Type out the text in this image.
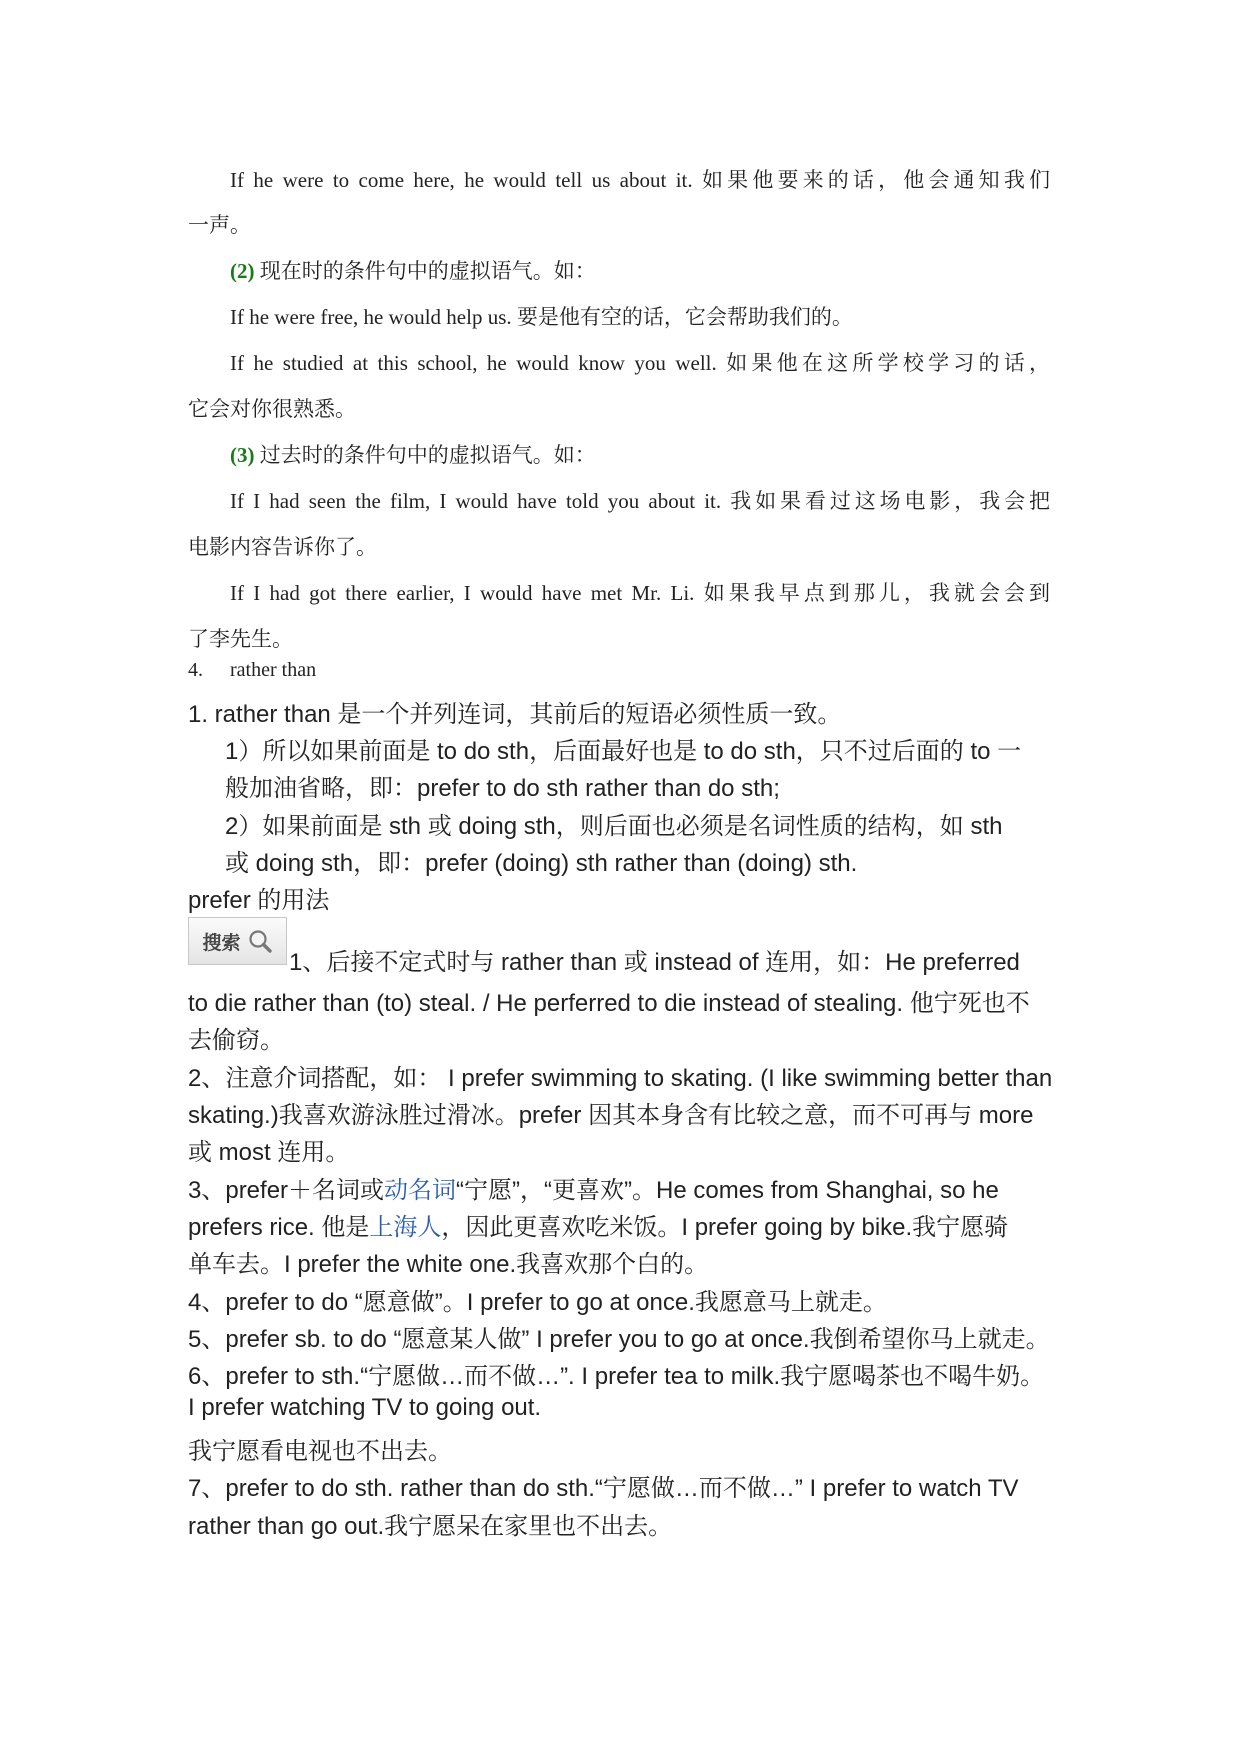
If he were to come here, he would tell us about it. 如果他要来的话，他会通知我们
一声。
(2) 现在时的条件句中的虚拟语气。如：
If he were free, he would help us. 要是他有空的话，它会帮助我们的。
If he studied at this school, he would know you well. 如果他在这所学校学习的话，
它会对你很熟悉。
(3) 过去时的条件句中的虚拟语气。如：
If I had seen the film, I would have told you about it. 我如果看过这场电影，我会把
电影内容告诉你了。
If I had got there earlier, I would have met Mr. Li. 如果我早点到那儿，我就会会到
了李先生。
4. rather than
1. rather than 是一个并列连词，其前后的短语必须性质一致。
1）所以如果前面是 to do sth，后面最好也是 to do sth，只不过后面的 to 一
般加油省略，即：prefer to do sth rather than do sth;
2）如果前面是 sth 或 doing sth，则后面也必须是名词性质的结构，如 sth
或 doing sth，即：prefer (doing) sth rather than (doing) sth.
prefer 的用法
搜索
1、后接不定式时与 rather than 或 instead of 连用，如：He preferred
to die rather than (to) steal. / He perferred to die instead of stealing. 他宁死也不
去偷窃。
2、注意介词搭配，如： I prefer swimming to skating. (I like swimming better than
skating.)我喜欢游泳胜过滑冰。prefer 因其本身含有比较之意，而不可再与 more
或 most 连用。
3、prefer＋名词或动名词“宁愿”，“更喜欢”。He comes from Shanghai, so he
prefers rice. 他是上海人，因此更喜欢吃米饭。I prefer going by bike.我宁愿骑
单车去。I prefer the white one.我喜欢那个白的。
4、prefer to do “愿意做”。I prefer to go at once.我愿意马上就走。
5、prefer sb. to do “愿意某人做” I prefer you to go at once.我倒希望你马上就走。
6、prefer to sth.“宁愿做…而不做…”. I prefer tea to milk.我宁愿喝茶也不喝牛奶。
I prefer watching TV to going out.
我宁愿看电视也不出去。
7、prefer to do sth. rather than do sth.“宁愿做…而不做…” I prefer to watch TV
rather than go out.我宁愿呆在家里也不出去。
